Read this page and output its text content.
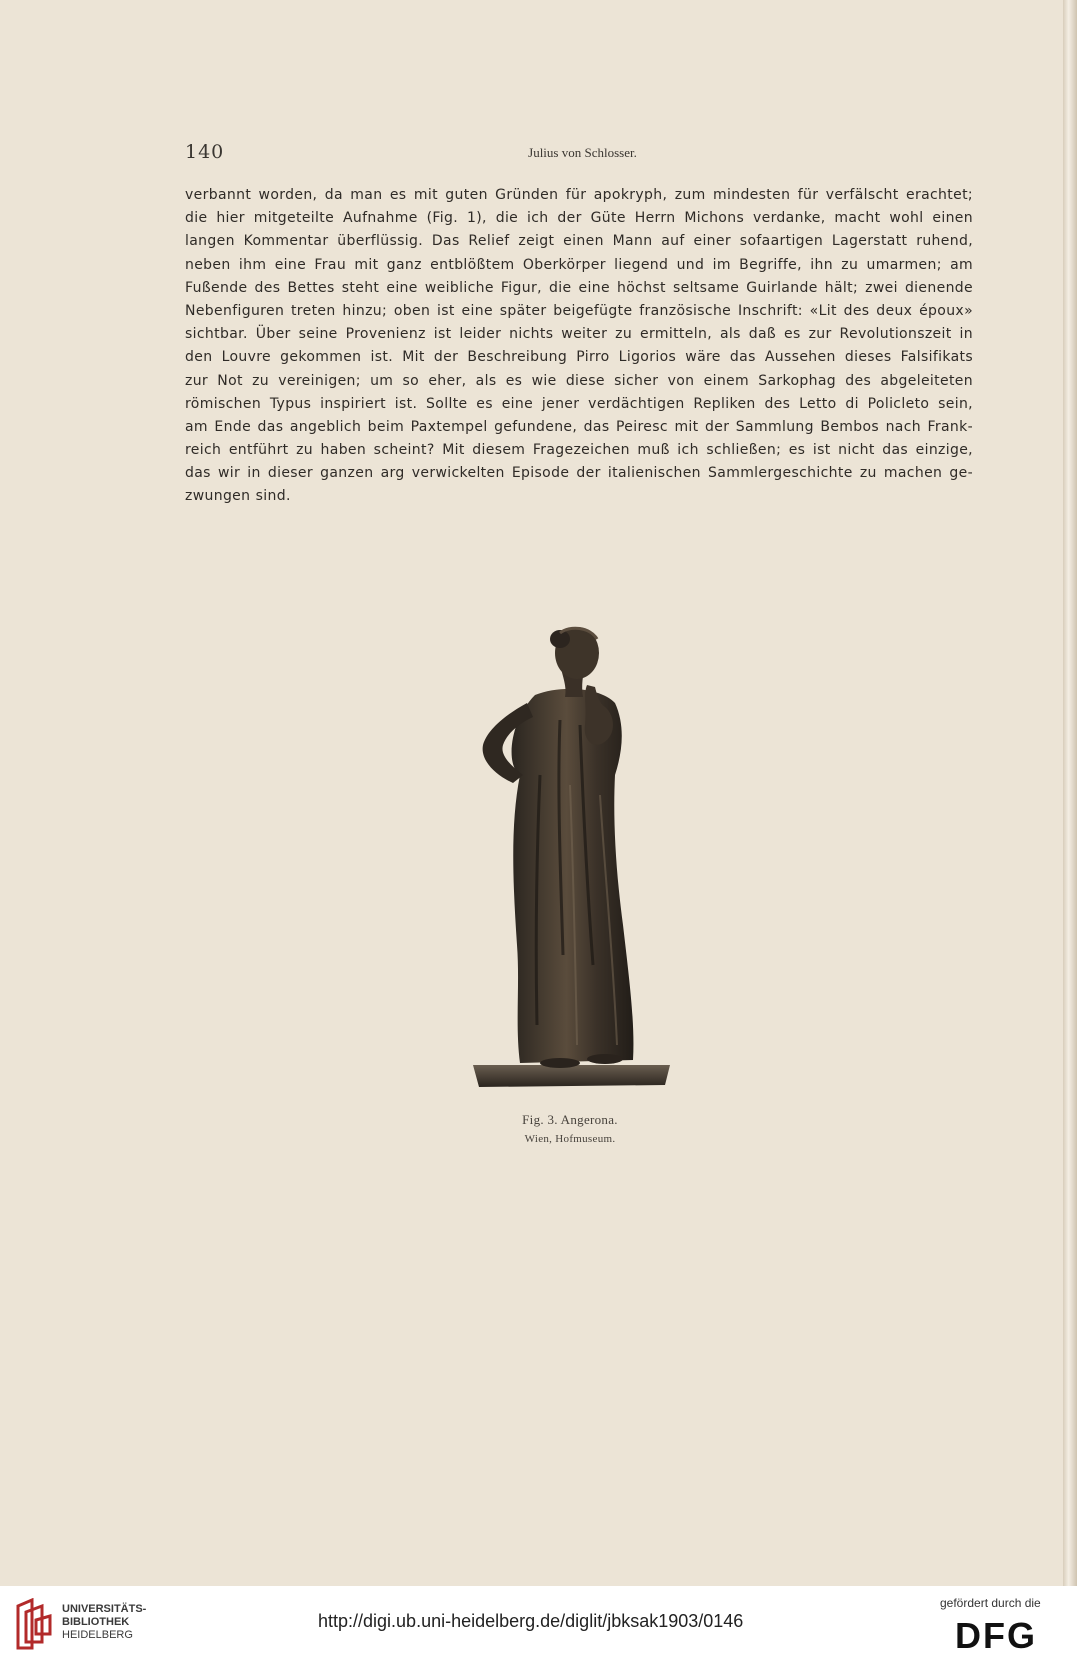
140	Julius von Schlosser.
verbannt worden, da man es mit guten Gründen für apokryph, zum mindesten für verfälscht erachtet;
die hier mitgeteilte Aufnahme (Fig. 1), die ich der Güte Herrn Michons verdanke, macht wohl einen
langen Kommentar überflüssig. Das Relief zeigt einen Mann auf einer sofaartigen Lagerstatt ruhend,
neben ihm eine Frau mit ganz entblößtem Oberkörper liegend und im Begriffe, ihn zu umarmen; am
Fußende des Bettes steht eine weibliche Figur, die eine höchst seltsame Guirlande hält; zwei dienende
Nebenfiguren treten hinzu; oben ist eine später beigefügte französische Inschrift: «Lit des deux époux»
sichtbar. Über seine Provenienz ist leider nichts weiter zu ermitteln, als daß es zur Revolutionszeit in
den Louvre gekommen ist. Mit der Beschreibung Pirro Ligorios wäre das Aussehen dieses Falsifikats
zur Not zu vereinigen; um so eher, als es wie diese sicher von einem Sarkophag des abgeleiteten
römischen Typus inspiriert ist. Sollte es eine jener verdächtigen Repliken des Letto di Policleto sein,
am Ende das angeblich beim Paxtempel gefundene, das Peiresc mit der Sammlung Bembos nach Frank-
reich entführt zu haben scheint? Mit diesem Fragezeichen muß ich schließen; es ist nicht das einzige,
das wir in dieser ganzen arg verwickelten Episode der italienischen Sammlergeschichte zu machen ge-
zwungen sind.
Fig. 3. Angerona.
Wien, Hofmuseum.
UNIVERSITÄTS-
BIBLIOTHEK
HEIDELBERG
http://digi.ub.uni-heidelberg.de/diglit/jbksak1903/0146
gefördert durch die
DFG
